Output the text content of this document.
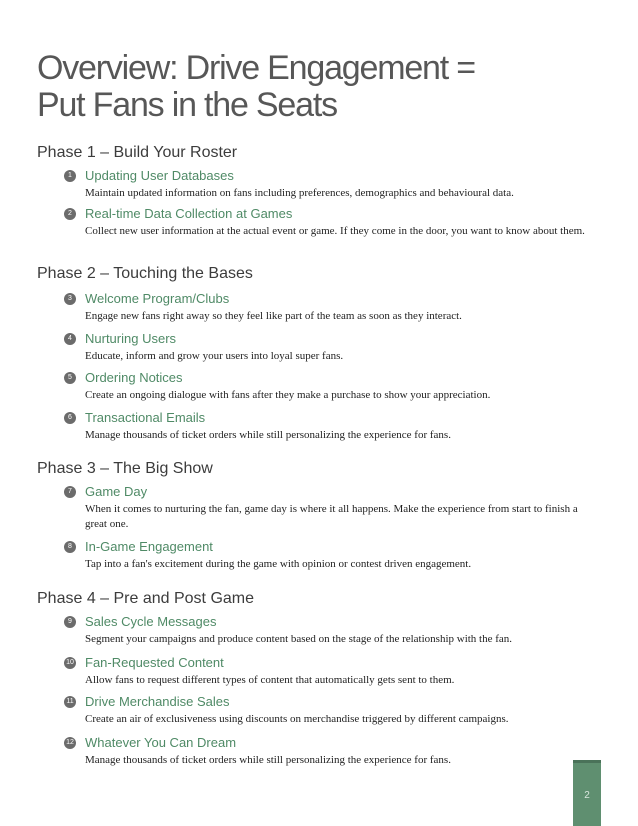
Overview: Drive Engagement =
Put Fans in the Seats
Phase 1 – Build Your Roster
1	Updating User Databases
Maintain updated information on fans including preferences, demographics and behavioural data.
2	Real-time Data Collection at Games
Collect new user information at the actual event or game. If they come in the door, you want to know about them.
Phase 2 – Touching the Bases
3	Welcome Program/Clubs
Engage new fans right away so they feel like part of the team as soon as they interact.
4	Nurturing Users
Educate, inform and grow your users into loyal super fans.
5	Ordering Notices
Create an ongoing dialogue with fans after they make a purchase to show your appreciation.
6	Transactional Emails
Manage thousands of ticket orders while still personalizing the experience for fans.
Phase 3 – The Big Show
7	Game Day
When it comes to nurturing the fan, game day is where it all happens. Make the experience from start to finish a great one.
8	In-Game Engagement
Tap into a fan's excitement during the game with opinion or contest driven engagement.
Phase 4 – Pre and Post Game
9	Sales Cycle Messages
Segment your campaigns and produce content based on the stage of the relationship with the fan.
10 Fan-Requested Content
Allow fans to request different types of content that automatically gets sent to them.
11 Drive Merchandise Sales
Create an air of exclusiveness using discounts on merchandise triggered by different campaigns.
12 Whatever You Can Dream
Manage thousands of ticket orders while still personalizing the experience for fans.
2
